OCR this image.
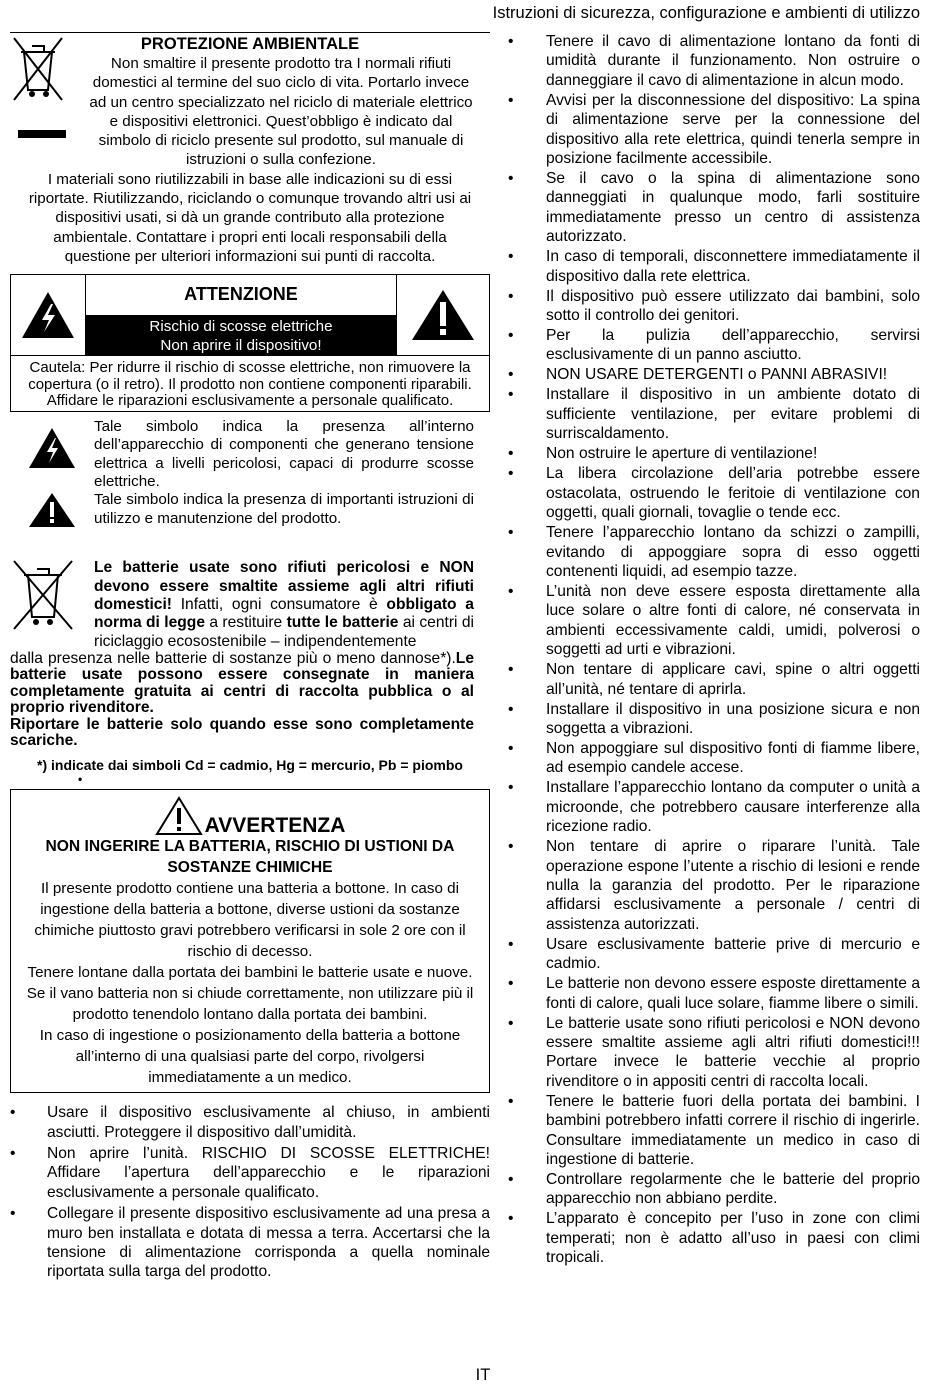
Istruzioni di sicurezza, configurazione e ambienti di utilizzo
PROTEZIONE AMBIENTALE
Non smaltire il presente prodotto tra I normali rifiuti
domestici al termine del suo ciclo di vita. Portarlo invece
ad un centro specializzato nel riciclo di materiale elettrico
e dispositivi elettronici. Quest’obbligo è indicato dal
simbolo di riciclo presente sul prodotto, sul manuale di
istruzioni o sulla confezione.
I materiali sono riutilizzabili in base alle indicazioni su di essi
riportate. Riutilizzando, riciclando o comunque trovando altri usi ai
dispositivi usati, si dà un grande contributo alla protezione
ambientale. Contattare i propri enti locali responsabili della
questione per ulteriori informazioni sui punti di raccolta.
ATTENZIONE
Rischio di scosse elettriche
Non aprire il dispositivo!
Cautela: Per ridurre il rischio di scosse elettriche, non rimuovere la copertura (o il retro). Il prodotto non contiene componenti riparabili. Affidare le riparazioni esclusivamente a personale qualificato.
Tale simbolo indica la presenza all’interno dell’apparecchio di componenti che generano tensione elettrica a livelli pericolosi, capaci di produrre scosse elettriche.
Tale simbolo indica la presenza di importanti istruzioni di utilizzo e manutenzione del prodotto.
Le batterie usate sono rifiuti pericolosi e NON devono essere smaltite assieme agli altri rifiuti domestici! Infatti, ogni consumatore è obbligato a norma di legge a restituire tutte le batterie ai centri di riciclaggio ecosostenibile – indipendentemente
dalla presenza nelle batterie di sostanze più o meno dannose*).Le batterie usate possono essere consegnate in maniera completamente gratuita ai centri di raccolta pubblica o al proprio rivenditore.
Riportare le batterie solo quando esse sono completamente scariche.
*) indicate dai simboli Cd = cadmio, Hg = mercurio, Pb = piombo
•
AVVERTENZA
NON INGERIRE LA BATTERIA, RISCHIO DI USTIONI DA SOSTANZE CHIMICHE
Il presente prodotto contiene una batteria a bottone. In caso di ingestione della batteria a bottone, diverse ustioni da sostanze chimiche piuttosto gravi potrebbero verificarsi in sole 2 ore con il rischio di decesso.
Tenere lontane dalla portata dei bambini le batterie usate e nuove. Se il vano batteria non si chiude correttamente, non utilizzare più il prodotto tenendolo lontano dalla portata dei bambini.
In caso di ingestione o posizionamento della batteria a bottone all’interno di una qualsiasi parte del corpo, rivolgersi immediatamente a un medico.
• Usare il dispositivo esclusivamente al chiuso, in ambienti asciutti. Proteggere il dispositivo dall’umidità.
• Non aprire l’unità. RISCHIO DI SCOSSE ELETTRICHE! Affidare l’apertura dell’apparecchio e le riparazioni esclusivamente a personale qualificato.
• Collegare il presente dispositivo esclusivamente ad una presa a muro ben installata e dotata di messa a terra. Accertarsi che la tensione di alimentazione corrisponda a quella nominale riportata sulla targa del prodotto.
• Tenere il cavo di alimentazione lontano da fonti di umidità durante il funzionamento. Non ostruire o danneggiare il cavo di alimentazione in alcun modo.
• Avvisi per la disconnessione del dispositivo: La spina di alimentazione serve per la connessione del dispositivo alla rete elettrica, quindi tenerla sempre in posizione facilmente accessibile.
• Se il cavo o la spina di alimentazione sono danneggiati in qualunque modo, farli sostituire immediatamente presso un centro di assistenza autorizzato.
• In caso di temporali, disconnettere immediatamente il dispositivo dalla rete elettrica.
• Il dispositivo può essere utilizzato dai bambini, solo sotto il controllo dei genitori.
• Per la pulizia dell’apparecchio, servirsi esclusivamente di un panno asciutto.
• NON USARE DETERGENTI o PANNI ABRASIVI!
• Installare il dispositivo in un ambiente dotato di sufficiente ventilazione, per evitare problemi di surriscaldamento.
• Non ostruire le aperture di ventilazione!
• La libera circolazione dell’aria potrebbe essere ostacolata, ostruendo le feritoie di ventilazione con oggetti, quali giornali, tovaglie o tende ecc.
• Tenere l’apparecchio lontano da schizzi o zampilli, evitando di appoggiare sopra di esso oggetti contenenti liquidi, ad esempio tazze.
• L’unità non deve essere esposta direttamente alla luce solare o altre fonti di calore, né conservata in ambienti eccessivamente caldi, umidi, polverosi o soggetti ad urti e vibrazioni.
• Non tentare di applicare cavi, spine o altri oggetti all’unità, né tentare di aprirla.
• Installare il dispositivo in una posizione sicura e non soggetta a vibrazioni.
• Non appoggiare sul dispositivo fonti di fiamme libere, ad esempio candele accese.
• Installare l’apparecchio lontano da computer o unità a microonde, che potrebbero causare interferenze alla ricezione radio.
• Non tentare di aprire o riparare l’unità. Tale operazione espone l’utente a rischio di lesioni e rende nulla la garanzia del prodotto. Per le riparazione affidarsi esclusivamente a personale / centri di assistenza autorizzati.
• Usare esclusivamente batterie prive di mercurio e cadmio.
• Le batterie non devono essere esposte direttamente a fonti di calore, quali luce solare, fiamme libere o simili.
• Le batterie usate sono rifiuti pericolosi e NON devono essere smaltite assieme agli altri rifiuti domestici!!! Portare invece le batterie vecchie al proprio rivenditore o in appositi centri di raccolta locali.
• Tenere le batterie fuori della portata dei bambini. I bambini potrebbero infatti correre il rischio di ingerirle. Consultare immediatamente un medico in caso di ingestione di batterie.
• Controllare regolarmente che le batterie del proprio apparecchio non abbiano perdite.
• L’apparato è concepito per l’uso in zone con climi temperati; non è adatto all’uso in paesi con climi tropicali.
IT
